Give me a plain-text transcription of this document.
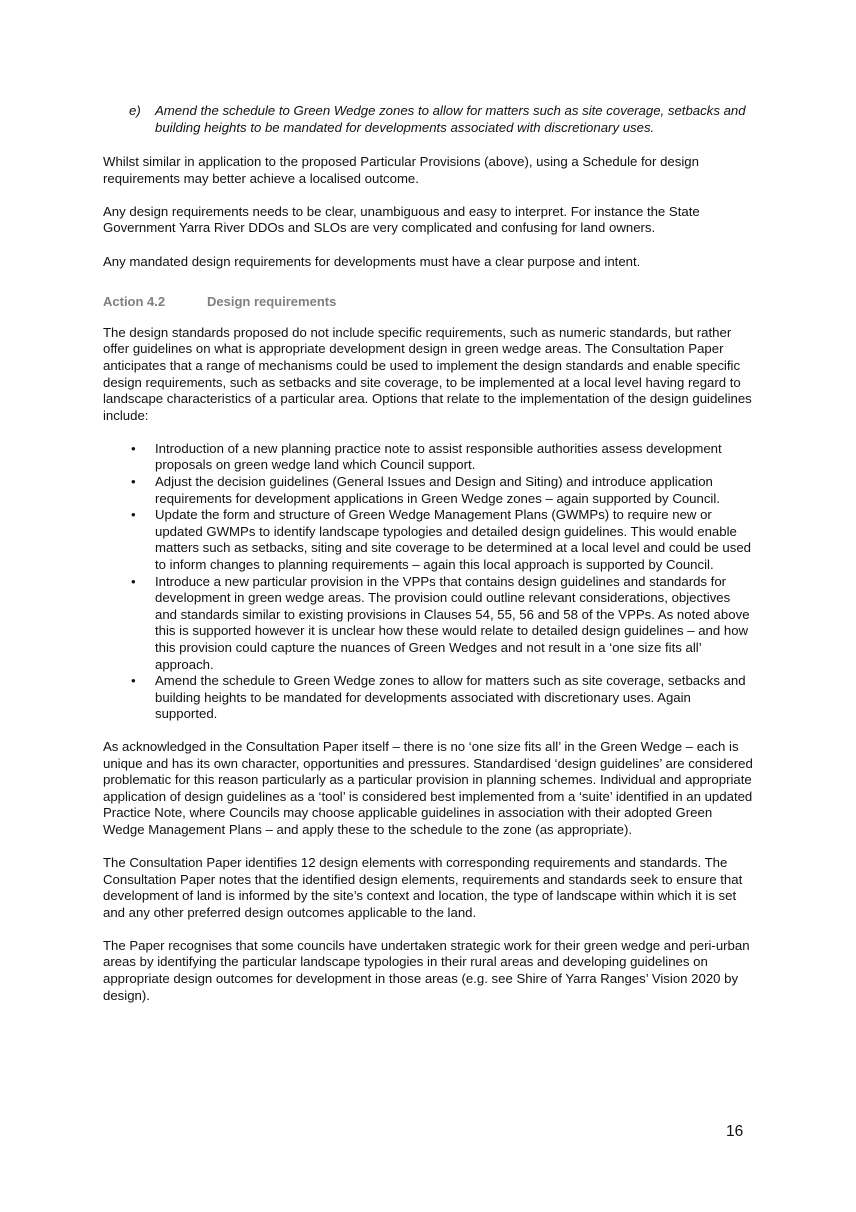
e) Amend the schedule to Green Wedge zones to allow for matters such as site coverage, setbacks and building heights to be mandated for developments associated with discretionary uses.

Whilst similar in application to the proposed Particular Provisions (above), using a Schedule for design requirements may better achieve a localised outcome.

Any design requirements needs to be clear, unambiguous and easy to interpret. For instance the State Government Yarra River DDOs and SLOs are very complicated and confusing for land owners.

Any mandated design requirements for developments must have a clear purpose and intent.

Action 4.2	Design requirements

The design standards proposed do not include specific requirements, such as numeric standards, but rather offer guidelines on what is appropriate development design in green wedge areas. The Consultation Paper anticipates that a range of mechanisms could be used to implement the design standards and enable specific design requirements, such as setbacks and site coverage, to be implemented at a local level having regard to landscape characteristics of a particular area. Options that relate to the implementation of the design guidelines include:

• Introduction of a new planning practice note to assist responsible authorities assess development proposals on green wedge land which Council support.
• Adjust the decision guidelines (General Issues and Design and Siting) and introduce application requirements for development applications in Green Wedge zones – again supported by Council.
• Update the form and structure of Green Wedge Management Plans (GWMPs) to require new or updated GWMPs to identify landscape typologies and detailed design guidelines. This would enable matters such as setbacks, siting and site coverage to be determined at a local level and could be used to inform changes to planning requirements – again this local approach is supported by Council.
• Introduce a new particular provision in the VPPs that contains design guidelines and standards for development in green wedge areas. The provision could outline relevant considerations, objectives and standards similar to existing provisions in Clauses 54, 55, 56 and 58 of the VPPs. As noted above this is supported however it is unclear how these would relate to detailed design guidelines – and how this provision could capture the nuances of Green Wedges and not result in a ‘one size fits all’ approach.
• Amend the schedule to Green Wedge zones to allow for matters such as site coverage, setbacks and building heights to be mandated for developments associated with discretionary uses. Again supported.

As acknowledged in the Consultation Paper itself – there is no ‘one size fits all’ in the Green Wedge – each is unique and has its own character, opportunities and pressures. Standardised ‘design guidelines’ are considered problematic for this reason particularly as a particular provision in planning schemes. Individual and appropriate application of design guidelines as a ‘tool’ is considered best implemented from a ‘suite’ identified in an updated Practice Note, where Councils may choose applicable guidelines in association with their adopted Green Wedge Management Plans – and apply these to the schedule to the zone (as appropriate).

The Consultation Paper identifies 12 design elements with corresponding requirements and standards. The Consultation Paper notes that the identified design elements, requirements and standards seek to ensure that development of land is informed by the site’s context and location, the type of landscape within which it is set and any other preferred design outcomes applicable to the land.

The Paper recognises that some councils have undertaken strategic work for their green wedge and peri-urban areas by identifying the particular landscape typologies in their rural areas and developing guidelines on appropriate design outcomes for development in those areas (e.g. see Shire of Yarra Ranges’ Vision 2020 by design).

16
